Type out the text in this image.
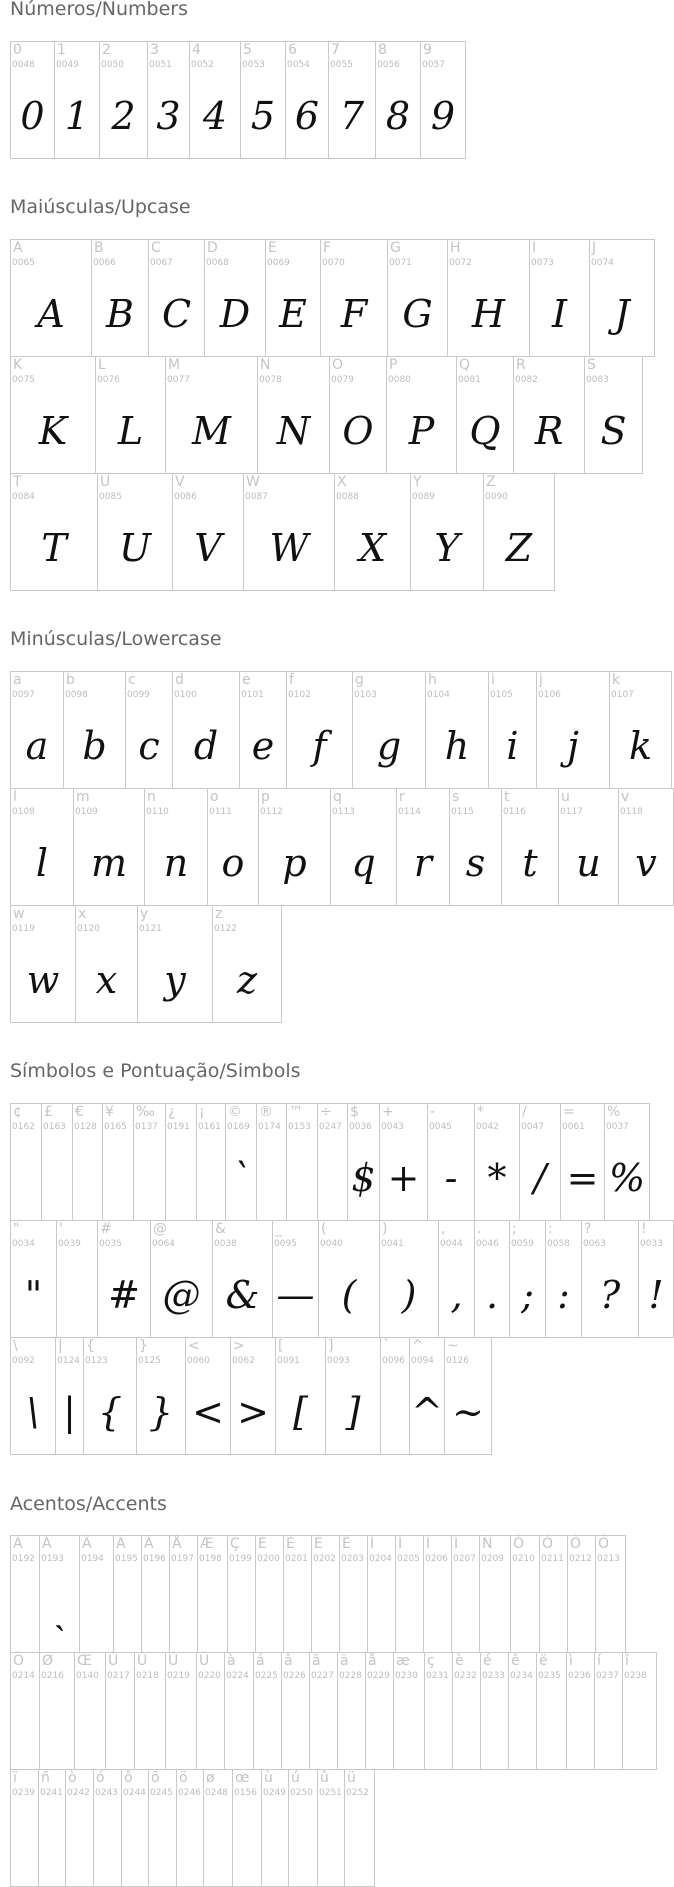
Números/Numbers
Maiúsculas/Upcase
Minúsculas/Lowercase
Símbolos e Pontuação/Simbols
Acentos/Accents
0
0048
0
1
0049
1
2
0050
2
3
0051
3
4
0052
4
5
0053
5
6
0054
6
7
0055
7
8
0056
8
9
0057
9
A
0065
A
B
0066
B
C
0067
C
D
0068
D
E
0069
E
F
0070
F
G
0071
G
H
0072
H
I
0073
I
J
0074
J
K
0075
K
L
0076
L
M
0077
M
N
0078
N
O
0079
O
P
0080
P
Q
0081
Q
R
0082
R
S
0083
S
T
0084
T
U
0085
U
V
0086
V
W
0087
W
X
0088
X
Y
0089
Y
Z
0090
Z
a
0097
a
b
0098
b
c
0099
c
d
0100
d
e
0101
e
f
0102
f
g
0103
g
h
0104
h
i
0105
i
j
0106
j
k
0107
k
l
0108
l
m
0109
m
n
0110
n
o
0111
o
p
0112
p
q
0113
q
r
0114
r
s
0115
s
t
0116
t
u
0117
u
v
0118
v
w
0119
w
x
0120
x
y
0121
y
z
0122
z
¢
0162
£
0163
€
0128
¥
0165
‰
0137
¿
0191
¡
0161
©
0169
`
®
0174
™
0153
÷
0247
$
0036
$
+
0043
+
-
0045
-
*
0042
*
/
0047
/
=
0061
=
%
0037
%
"
0034
"
'
0039
#
0035
#
@
0064
@
&
0038
&
_
0095
—
(
0040
(
)
0041
)
,
0044
,
.
0046
.
;
0059
;
:
0058
:
?
0063
?
!
0033
!
\
0092
\
|
0124
|
{
0123
{
}
0125
}
<
0060
<
>
0062
>
[
0091
[
]
0093
]
`
0096
^
0094
^
~
0126
~
À
0192
Á
0193
ˎ
Â
0194
Ã
0195
Ä
0196
Å
0197
Æ
0198
Ç
0199
È
0200
É
0201
Ê
0202
Ë
0203
Ì
0204
Í
0205
Î
0206
Ï
0207
Ñ
0209
Ò
0210
Ó
0211
Ô
0212
Õ
0213
Ö
0214
Ø
0216
Œ
0140
Ù
0217
Ú
0218
Û
0219
Ü
0220
à
0224
á
0225
â
0226
ã
0227
ä
0228
å
0229
æ
0230
ç
0231
è
0232
é
0233
ê
0234
ë
0235
ì
0236
í
0237
î
0238
ï
0239
ñ
0241
ò
0242
ó
0243
ô
0244
õ
0245
ö
0246
ø
0248
œ
0156
ù
0249
ú
0250
û
0251
ü
0252
